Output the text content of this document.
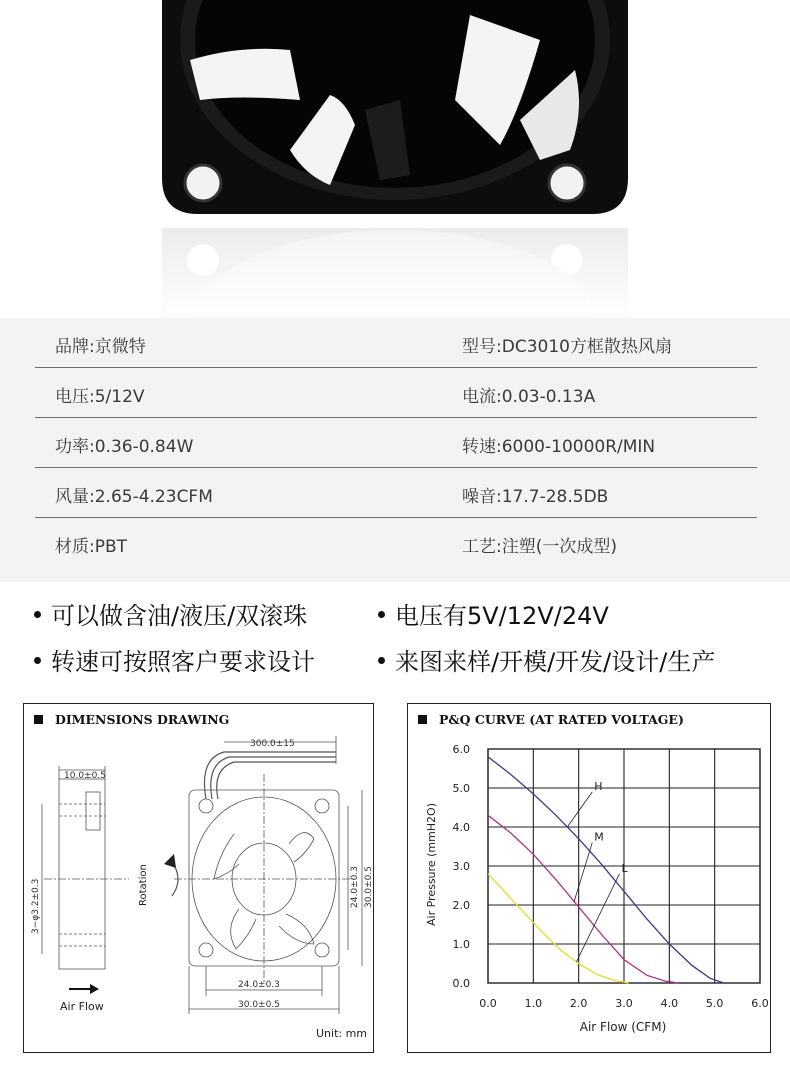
品牌:京微特	型号:DC3010方框散热风扇
电压:5/12V	电流:0.03-0.13A
功率:0.36-0.84W	转速:6000-10000R/MIN
风量:2.65-4.23CFM	噪音:17.7-28.5DB
材质:PBT	工艺:注塑(一次成型)
可以做含油/液压/双滚珠	电压有5V/12V/24V
转速可按照客户要求设计	来图来样/开模/开发/设计/生产
300.0±15
10.0±0.5
3−φ3.2±0.3	24.0±0.3 30.0±0.5
24.0±0.3
30.0±0.5
Rotation
Air Flow
Unit: mm
DIMENSIONS DRAWING
H
M
L
0.0	1.0	2.0	3.0	4.0	5.0	6.0
0.0
1.0
2.0
3.0
4.0
5.0
6.0
Air Pressure (mmH2O)
Air Flow (CFM)
P&Q CURVE (AT RATED VOLTAGE)
